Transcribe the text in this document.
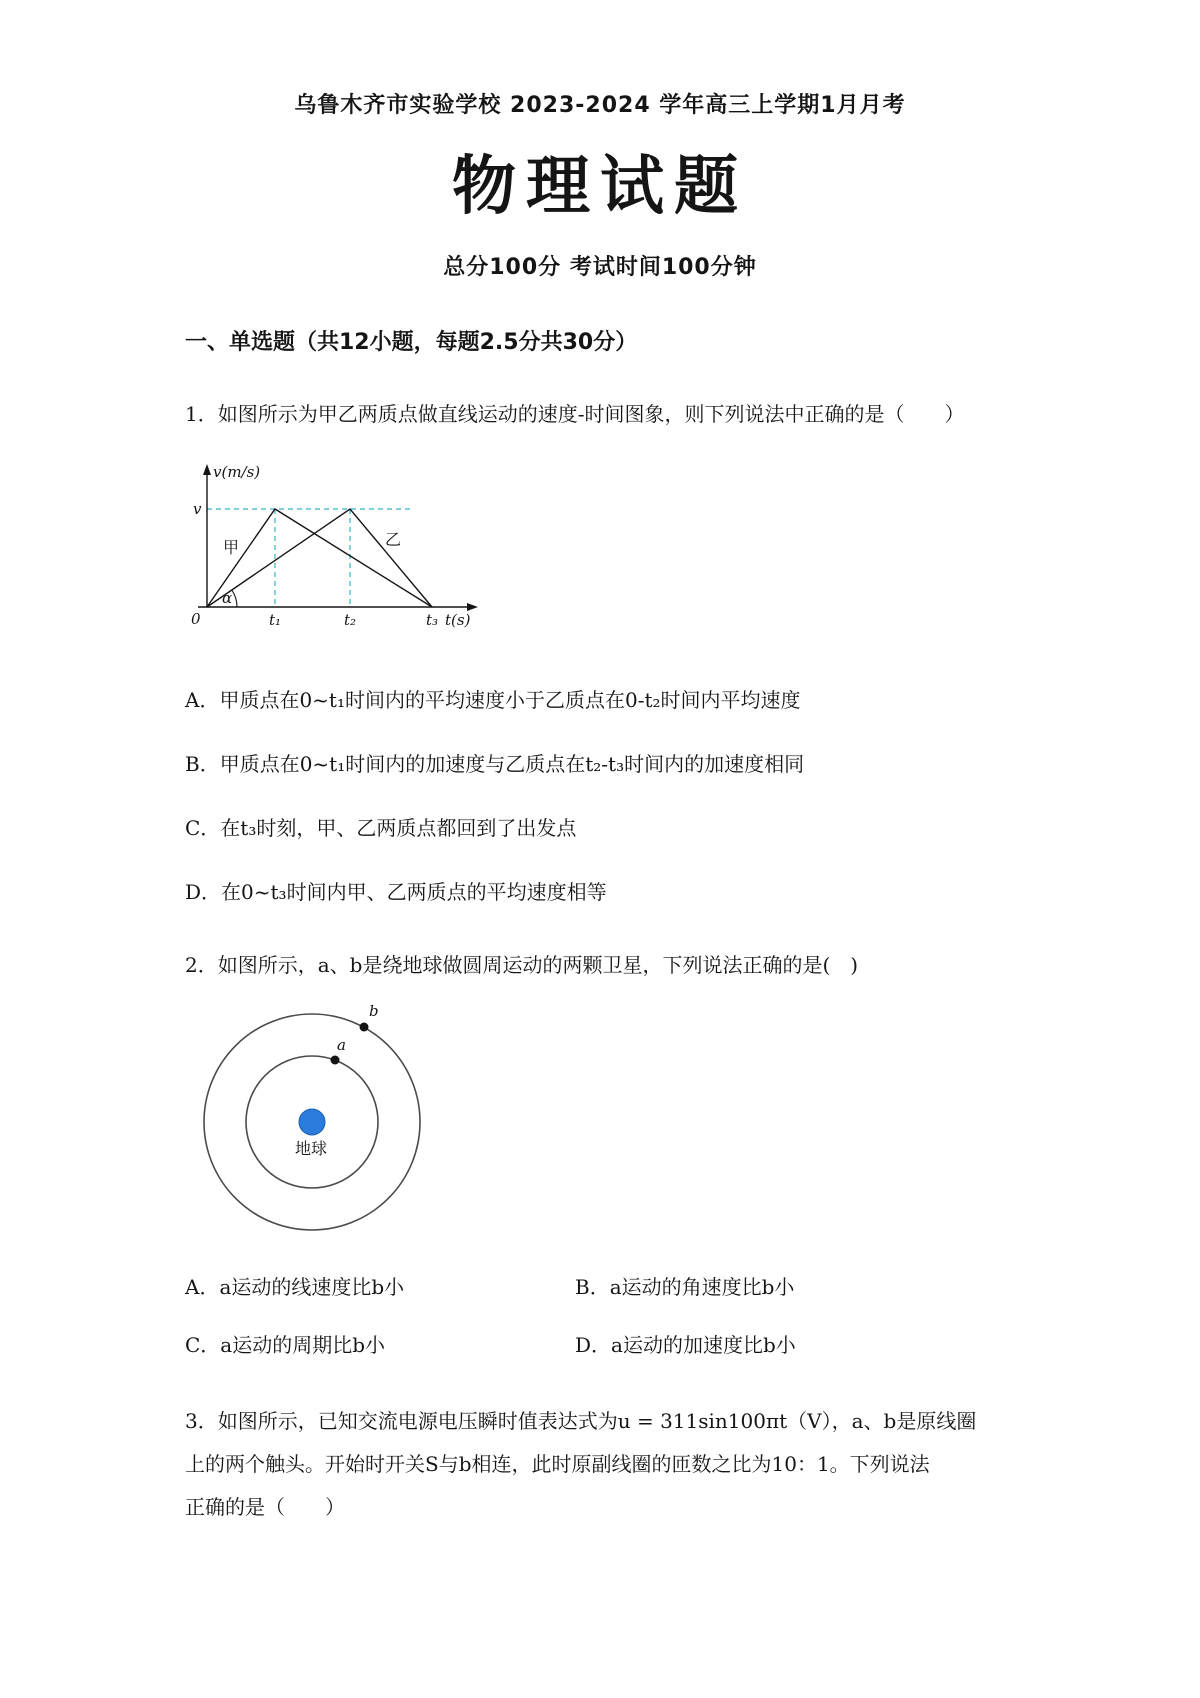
乌鲁木齐市实验学校 2023-2024 学年高三上学期1月月考
物理试题
总分100分 考试时间100分钟
一、单选题（共12小题，每题2.5分共30分）

1．如图所示为甲乙两质点做直线运动的速度-时间图象，则下列说法中正确的是（　　）

v(m/s)
v
甲	乙
α
0	t₁	t₂	t₃ t(s)

A．甲质点在0~t₁时间内的平均速度小于乙质点在0-t₂时间内平均速度

B．甲质点在0~t₁时间内的加速度与乙质点在t₂-t₃时间内的加速度相同

C．在t₃时刻，甲、乙两质点都回到了出发点

D．在0~t₃时间内甲、乙两质点的平均速度相等

2．如图所示，a、b是绕地球做圆周运动的两颗卫星，下列说法正确的是(　)

a
b
地球

A．a运动的线速度比b小	B．a运动的角速度比b小

C．a运动的周期比b小	D．a运动的加速度比b小

3．如图所示，已知交流电源电压瞬时值表达式为u = 311sin100πt（V），a、b是原线圈

上的两个触头。开始时开关S与b相连，此时原副线圈的匝数之比为10：1。下列说法

正确的是（　　）
